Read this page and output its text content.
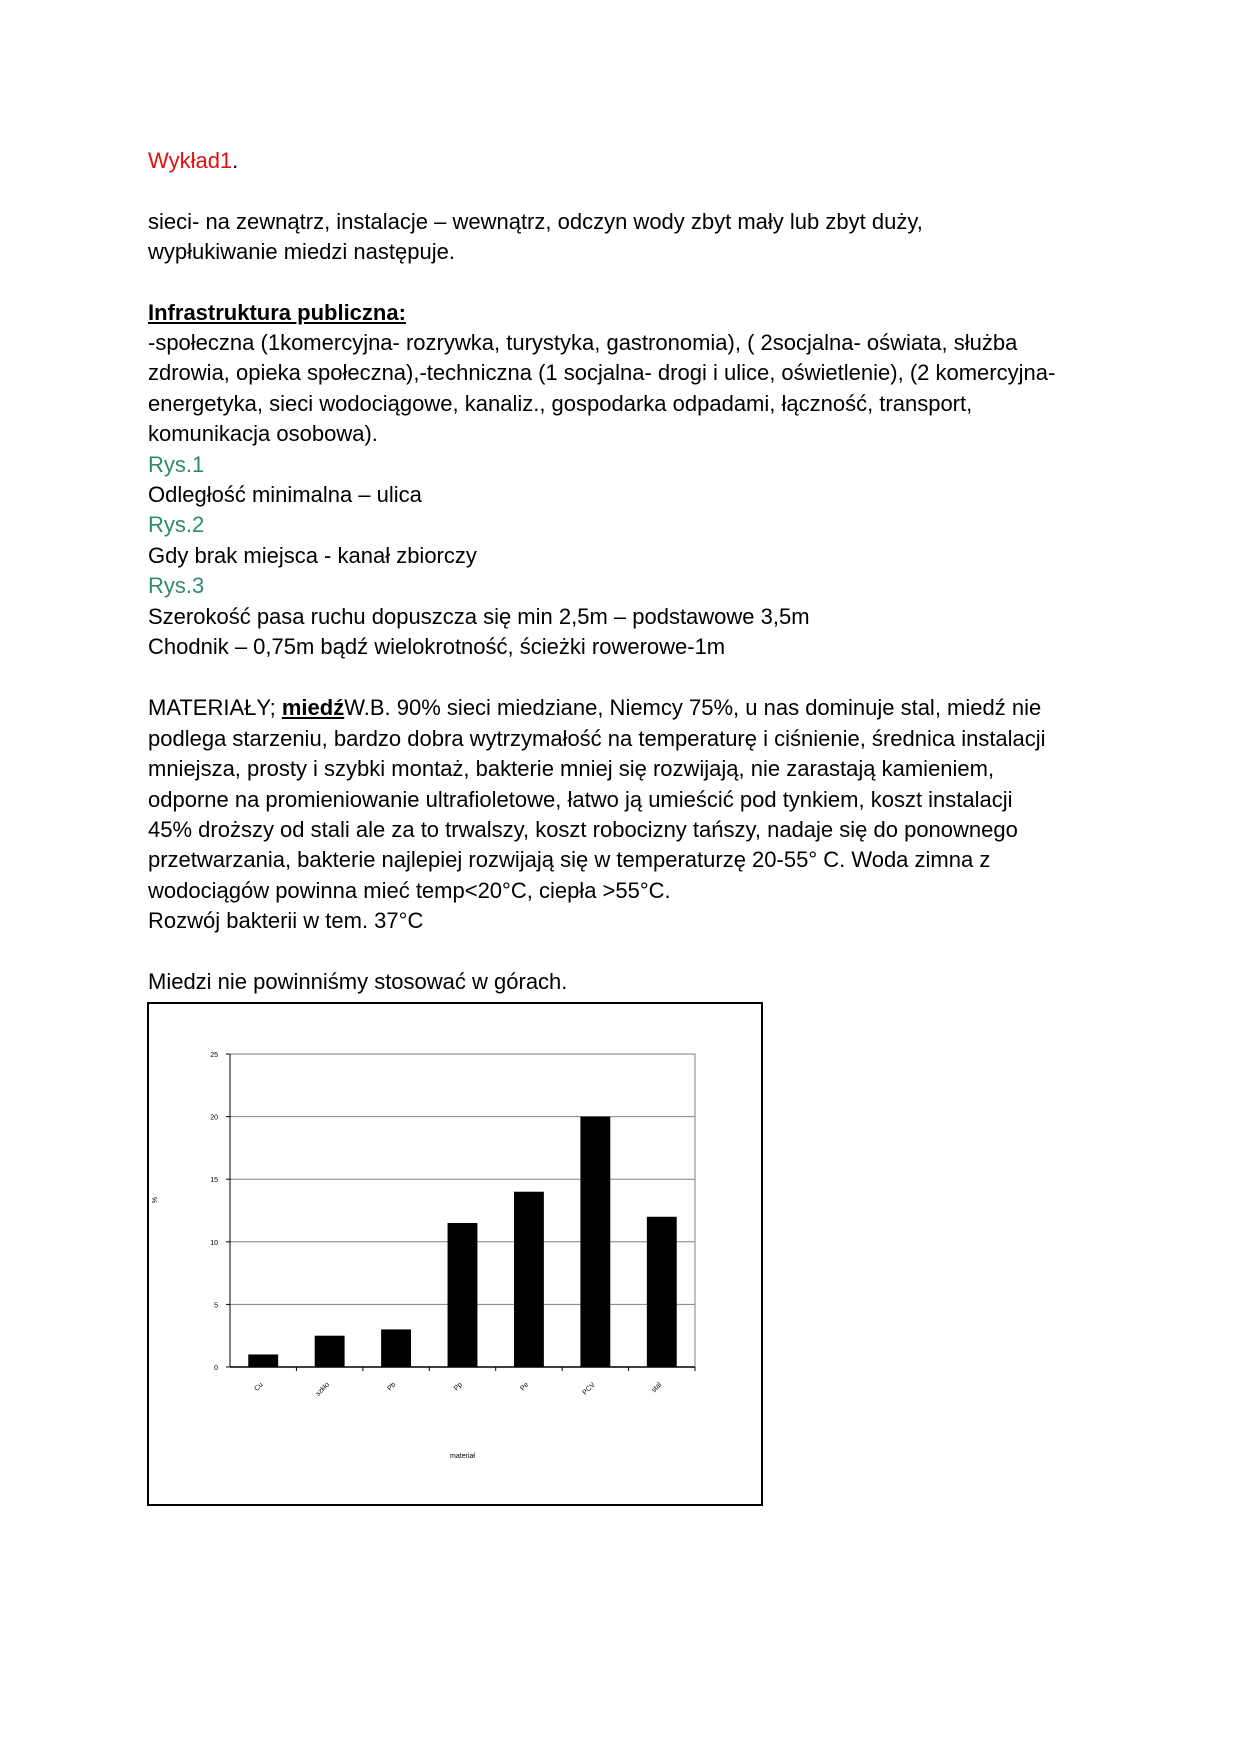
Wykład1.
sieci- na zewnątrz, instalacje – wewnątrz, odczyn wody zbyt mały lub zbyt duży,
wypłukiwanie miedzi następuje.
Infrastruktura publiczna:
-społeczna (1komercyjna- rozrywka, turystyka, gastronomia), ( 2socjalna- oświata, służba
zdrowia, opieka społeczna),-techniczna (1 socjalna- drogi i ulice, oświetlenie), (2 komercyjna-
energetyka, sieci wodociągowe, kanaliz., gospodarka odpadami, łączność, transport,
komunikacja osobowa).
Rys.1
Odległość minimalna – ulica
Rys.2
Gdy brak miejsca - kanał zbiorczy
Rys.3
Szerokość pasa ruchu dopuszcza się min 2,5m – podstawowe 3,5m
Chodnik – 0,75m bądź wielokrotność, ścieżki rowerowe-1m
MATERIAŁY; miedźW.B. 90% sieci miedziane, Niemcy 75%, u nas dominuje stal, miedź nie
podlega starzeniu, bardzo dobra wytrzymałość na temperaturę i ciśnienie, średnica instalacji
mniejsza, prosty i szybki montaż, bakterie mniej się rozwijają, nie zarastają kamieniem,
odporne na promieniowanie ultrafioletowe, łatwo ją umieścić pod tynkiem, koszt instalacji
45% droższy od stali ale za to trwalszy, koszt robocizny tańszy, nadaje się do ponownego
przetwarzania, bakterie najlepiej rozwijają się w temperaturzę 20-55° C. Woda zimna z
wodociągów powinna mieć temp<20°C, ciepła >55°C.
Rozwój bakterii w tem. 37°C
Miedzi nie powinniśmy stosować w górach.
0
5
10
15
20
25
Cu	szkło	Pb	Pp	Pe	PCV	stal
%
materiał
